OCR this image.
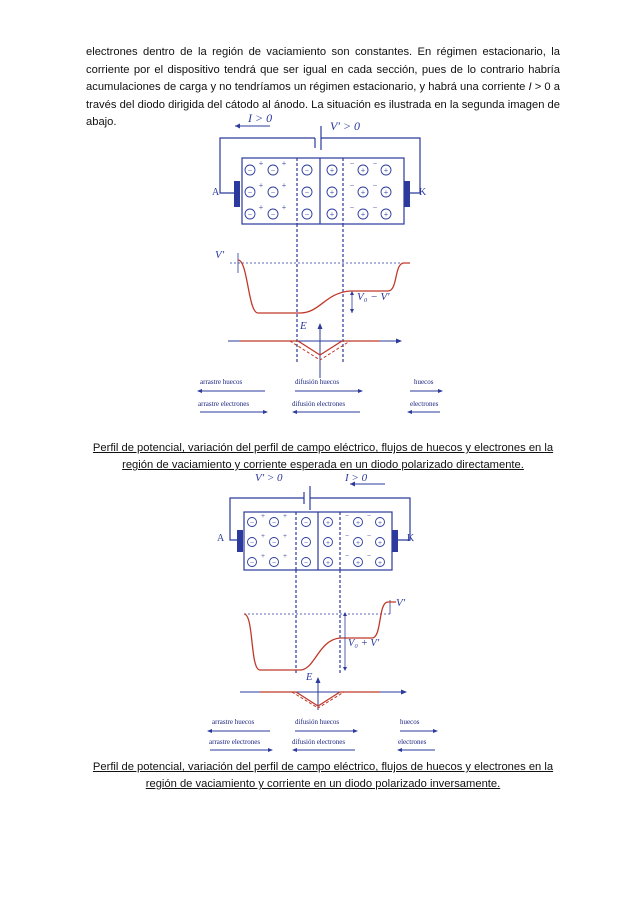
electrones dentro de la región de vaciamiento son constantes. En régimen estacionario, la corriente por el dispositivo tendrá que ser igual en cada sección, pues de lo contrario habría acumulaciones de carga y no tendríamos un régimen estacionario, y habrá una corriente I > 0 a través del diodo dirigida del cátodo al ánodo. La situación es ilustrada en la segunda imagen de abajo.

− −	−	+	+ +
− −	−	+	+ +
− −	−	+	+ +
+ +
+ +
+ +
− −
− −
− −
I > 0
V′ > 0
A	K
V′
V₀ − V′
E
arrastre huecos	difusión huecos	huecos
arrastre electrones	difusión electrones	electrones

Perfil de potencial, variación del perfil de campo eléctrico, flujos de huecos y electrones en la región de vaciamiento y corriente esperada en un diodo polarizado directamente.

− −	− +	+ +
− −	− +	+ +
− −	− +	+ +
+ +
+ +
+ +
− −
− −
− −
V′ > 0	I > 0
A	K
V′
V₀ + V′
E
arrastre huecos	difusión huecos	huecos
arrastre electrones	difusión electrones	electrones

Perfil de potencial, variación del perfil de campo eléctrico, flujos de huecos y electrones en la región de vaciamiento y corriente en un diodo polarizado inversamente.
